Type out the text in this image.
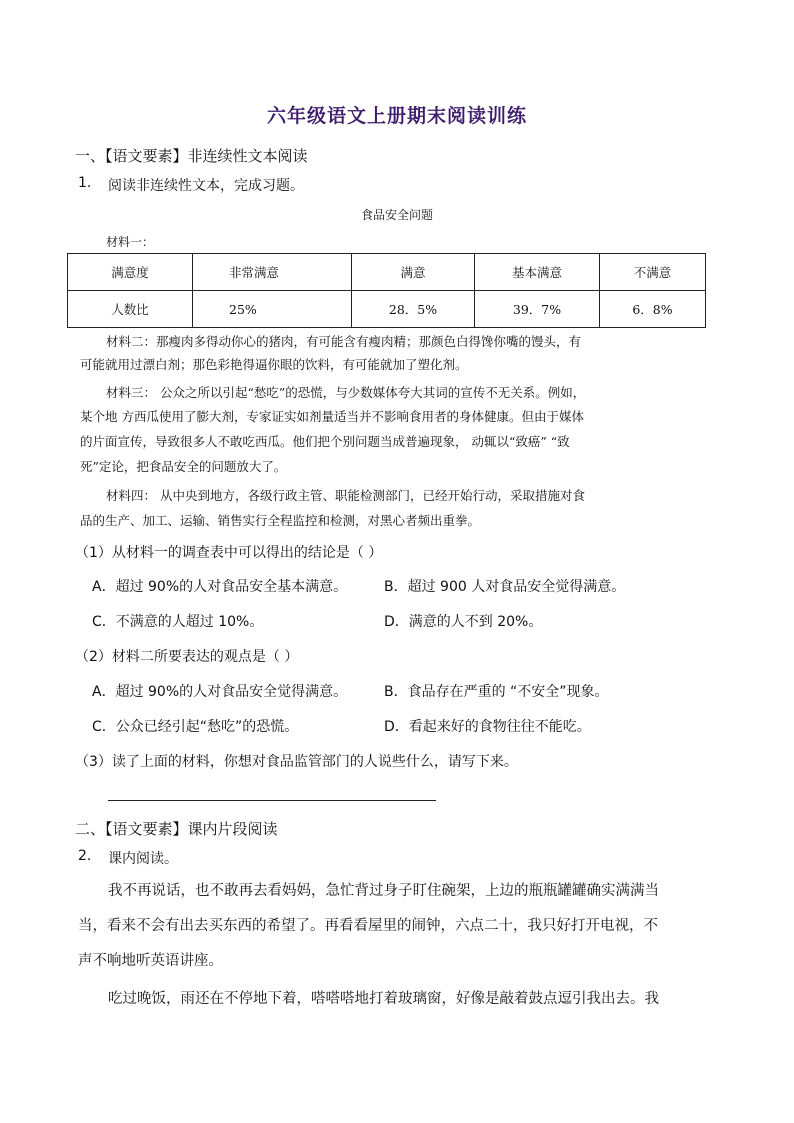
六年级语文上册期末阅读训练
一、【语文要素】非连续性文本阅读
1. 阅读非连续性文本，完成习题。
食品安全问题
材料一：
满意度	非常满意	满意	基本满意	不满意
人数比	25%	28．5%	39．7%	6．8%
材料二：那瘦肉多得动你心的猪肉，有可能含有瘦肉精；那颜色白得馋你嘴的馒头，有
可能就用过漂白剂；那色彩艳得逼你眼的饮料，有可能就加了塑化剂。
材料三： 公众之所以引起“愁吃”的恐慌，与少数媒体夸大其词的宣传不无关系。例如，
某个地 方西瓜使用了膨大剂，专家证实如剂量适当并不影响食用者的身体健康。但由于媒体
的片面宣传，导致很多人不敢吃西瓜。他们把个别问题当成普遍现象， 动辄以“致癌” “致
死”定论，把食品安全的问题放大了。
材料四： 从中央到地方，各级行政主管、职能检测部门，已经开始行动，采取措施对食
品的生产、加工、运输、销售实行全程监控和检测，对黑心者频出重拳。
（1）从材料一的调查表中可以得出的结论是（ ）
A．超过 90%的人对食品安全基本满意。	B．超过 900 人对食品安全觉得满意。
C．不满意的人超过 10%。	D．满意的人不到 20%。
（2）材料二所要表达的观点是（ ）
A．超过 90%的人对食品安全觉得满意。	B．食品存在严重的 “不安全”现象。
C．公众已经引起“愁吃”的恐慌。	D．看起来好的食物往往不能吃。
（3）读了上面的材料，你想对食品监管部门的人说些什么，请写下来。
二、【语文要素】课内片段阅读
2. 课内阅读。
我不再说话，也不敢再去看妈妈，急忙背过身子盯住碗架，上边的瓶瓶罐罐确实满满当
当，看来不会有出去买东西的希望了。再看看屋里的闹钟，六点二十，我只好打开电视，不
声不响地听英语讲座。
吃过晚饭，雨还在不停地下着，嗒嗒嗒地打着玻璃窗，好像是敲着鼓点逗引我出去。我
